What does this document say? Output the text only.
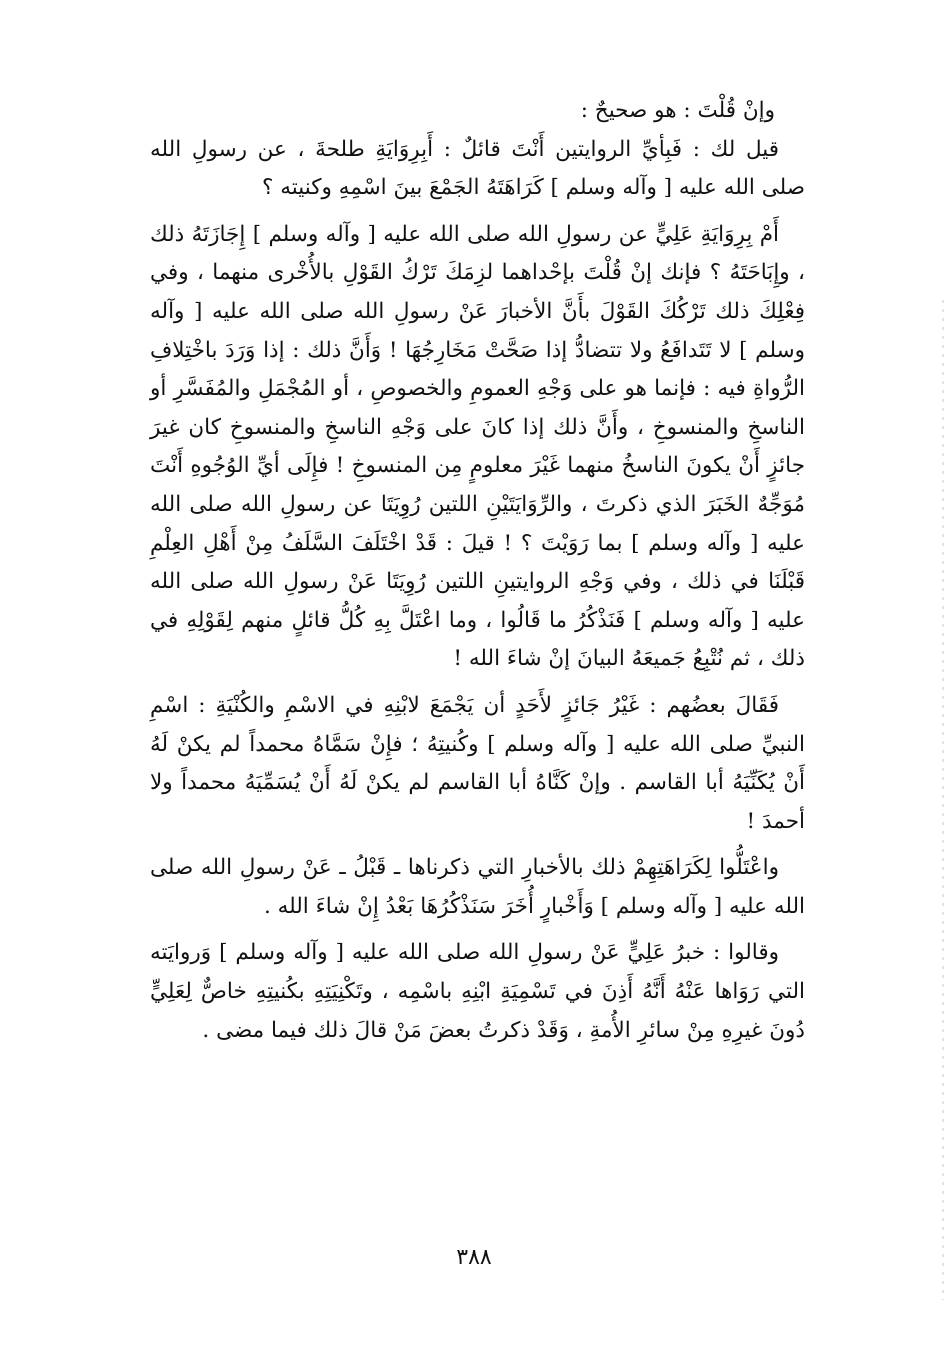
وإنْ قُلْتَ : هو صحيحٌ :

قيل لك : فَبِأيِّ الروايتين أَنْتَ قائلٌ : أَبِرِوَايَةِ طلحةَ ، عن رسولِ الله صلى الله عليه [ وآله وسلم ] كَرَاهَتَهُ الجَمْعَ بينَ اسْمِهِ وكنيته ؟

أَمْ بِرِوَايَةِ عَلِيٍّ عن رسولِ الله صلى الله عليه [ وآله وسلم ] إِجَازَتَهُ ذلك ، وإِبَاحَتَهُ ؟ فإنك إنْ قُلْتَ بإحْداهما لزِمَكَ تَرْكُ القَوْلِ بالأُخْرى منهما ، وفي فِعْلِكَ ذلك تَرْكُكَ القَوْلَ بأَنَّ الأخبارَ عَنْ رسولِ الله صلى الله عليه [ وآله وسلم ] لا تَتَدافَعُ ولا تتضادُّ إذا صَحَّتْ مَخَارِجُهَا ! وَأَنَّ ذلك : إذا وَرَدَ باخْتِلافِ الرُّواةِ فيه : فإنما هو على وَجْهِ العمومِ والخصوصِ ، أو المُجْمَلِ والمُفَسَّرِ أو الناسخِ والمنسوخِ ، وأَنَّ ذلك إذا كانَ على وَجْهِ الناسخِ والمنسوخِ كان غيرَ جائزٍ أَنْ يكونَ الناسخُ منهما غَيْرَ معلومٍ مِن المنسوخِ ! فإِلَى أيِّ الوُجُوهِ أَنْتَ مُوَجِّهٌ الخَبَرَ الذي ذكرتَ ، والرِّوَايَتَيْنِ اللتين رُوِيَتَا عن رسولِ الله صلى الله عليه [ وآله وسلم ] بما رَوَيْتَ ؟ ! قيلَ : قَدْ اخْتَلَفَ السَّلَفُ مِنْ أَهْلِ العِلْمِ قَبْلَنَا في ذلك ، وفي وَجْهِ الروايتينِ اللتين رُوِيَتَا عَنْ رسولِ الله صلى الله عليه [ وآله وسلم ] فَنَذْكُرُ ما قَالُوا ، وما اعْتَلَّ بِهِ كُلُّ قائلٍ منهم لِقَوْلِهِ في ذلك ، ثم نُتْبِعُ جَميعَهُ البيانَ إنْ شاءَ الله !

فَقَالَ بعضُهم : غَيْرُ جَائزٍ لأَحَدٍ أن يَجْمَعَ لابْنِهِ في الاسْمِ والكُنْيَةِ : اسْمِ النبيِّ صلى الله عليه [ وآله وسلم ] وكُنيتِهُ ؛ فإِنْ سَمَّاهُ محمداً لم يكنْ لَهُ أَنْ يُكَنِّيَهُ أبا القاسم . وإنْ كَنَّاهُ أبا القاسم لم يكنْ لَهُ أَنْ يُسَمِّيَهُ محمداً ولا أحمدَ !

واعْتَلُّوا لِكَرَاهَتِهِمْ ذلك بالأخبارِ التي ذكرناها ـ قَبْلُ ـ عَنْ رسولِ الله صلى الله عليه [ وآله وسلم ] وَأَخْبارٍ أُخَرَ سَنَذْكُرُهَا بَعْدُ إِنْ شاءَ الله .

وقالوا : خبرُ عَلِيٍّ عَنْ رسولِ الله صلى الله عليه [ وآله وسلم ] وَروايَته التي رَوَاها عَنْهُ أَنَّهُ أَذِنَ في تَسْمِيَةِ ابْنِهِ باسْمِه ، وتَكْنِيَتِهِ بكُنيتِهِ خاصٌّ لِعَلِيٍّ دُونَ غيرِهِ مِنْ سائرِ الأُمةِ ، وَقَدْ ذكرتُ بعضَ مَنْ قالَ ذلك فيما مضى .

٣٨٨
